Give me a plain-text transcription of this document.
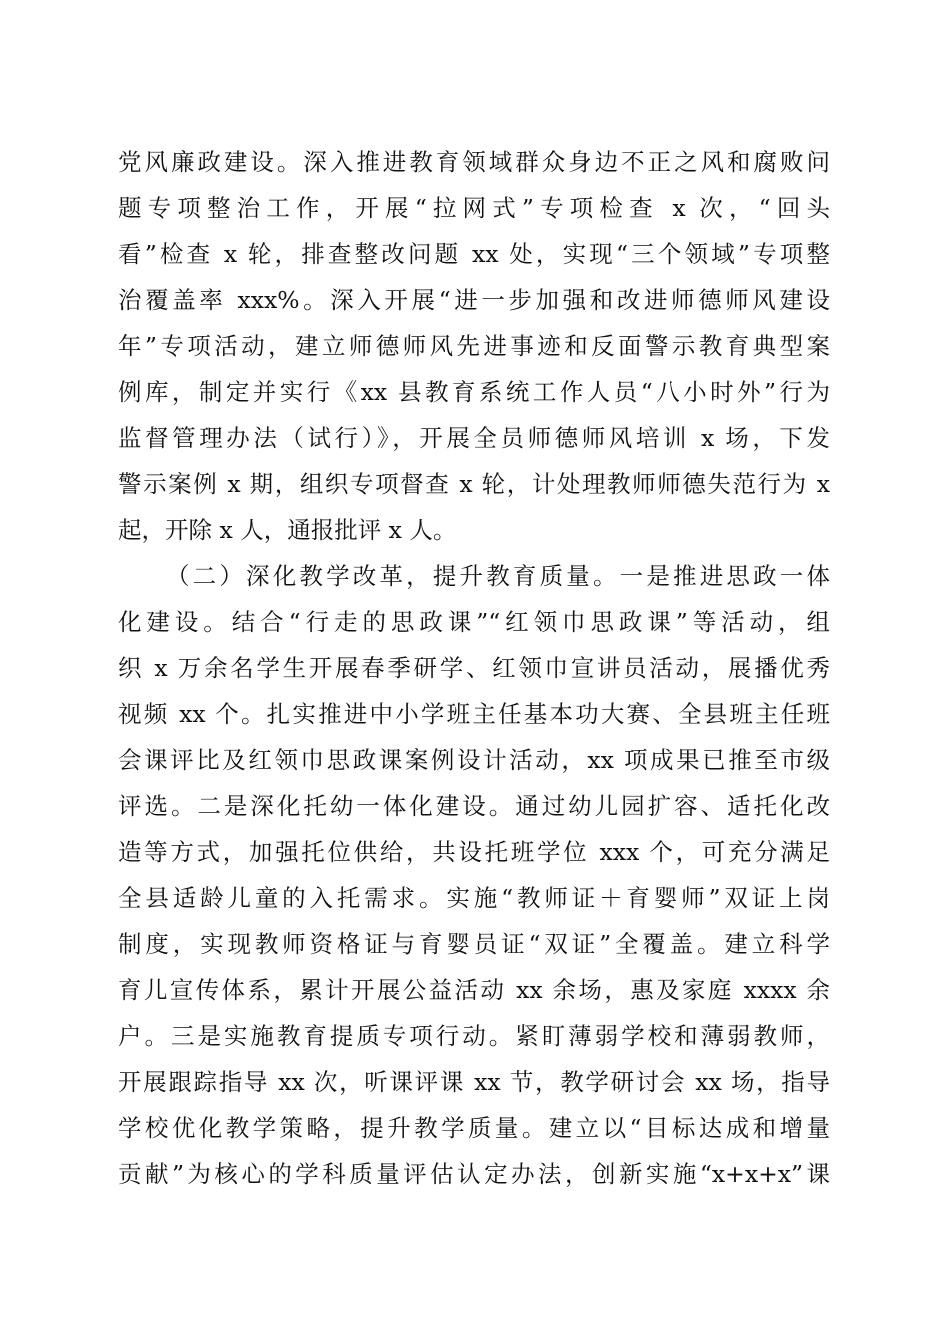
党风廉政建设。深入推进教育领域群众身边不正之风和腐败问
题专项整治工作，开展“拉网式”专项检查 x 次，“回头
看”检查 x 轮，排查整改问题 xx 处，实现“三个领域”专项整
治覆盖率 xxx%。深入开展“进一步加强和改进师德师风建设
年”专项活动，建立师德师风先进事迹和反面警示教育典型案
例库，制定并实行《xx 县教育系统工作人员“八小时外”行为
监督管理办法（试行）》，开展全员师德师风培训 x 场，下发
警示案例 x 期，组织专项督查 x 轮，计处理教师师德失范行为 x
起，开除 x 人，通报批评 x 人。
（二）深化教学改革，提升教育质量。一是推进思政一体
化建设。结合“行走的思政课”“红领巾思政课”等活动，组
织 x 万余名学生开展春季研学、红领巾宣讲员活动，展播优秀
视频 xx 个。扎实推进中小学班主任基本功大赛、全县班主任班
会课评比及红领巾思政课案例设计活动，xx 项成果已推至市级
评选。二是深化托幼一体化建设。通过幼儿园扩容、适托化改
造等方式，加强托位供给，共设托班学位 xxx 个，可充分满足
全县适龄儿童的入托需求。实施“教师证＋育婴师”双证上岗
制度，实现教师资格证与育婴员证“双证”全覆盖。建立科学
育儿宣传体系，累计开展公益活动 xx 余场，惠及家庭 xxxx 余
户。三是实施教育提质专项行动。紧盯薄弱学校和薄弱教师，
开展跟踪指导 xx 次，听课评课 xx 节，教学研讨会 xx 场，指导
学校优化教学策略，提升教学质量。建立以“目标达成和增量
贡献”为核心的学科质量评估认定办法，创新实施“x+x+x”课
